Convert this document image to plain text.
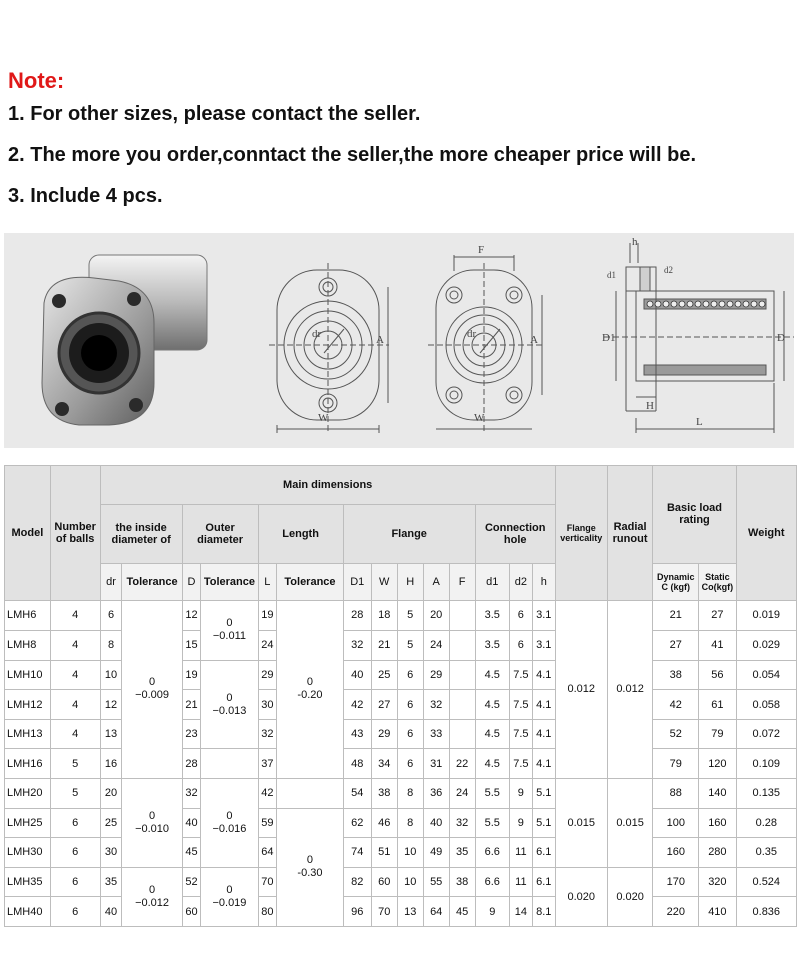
Note:
1. For other sizes, please contact the seller.
2. The more you order,conntact the seller,the more cheaper price will be.
3. Include 4 pcs.
dr	A
W
F
dr	A
W
h
d1	d2
D1	D
H
L
Model	Number of balls	Main dimensions														Flange verticality	Radial runout	Basic load rating		Weight
		the inside diameter of		Outer diameter		Length		Flange					Connection hole							
		dr	Tolerance	D	Tolerance	L	Tolerance	D1	W	H	A	F	d1	d2	h			Dynamic C (kgf)	Static Co(kgf)	
LMH6	4	6	0
−0.009	12	0
−0.011	19	0
-0.20	28	18	5	20		3.5	6	3.1	0.012	0.012	21	27	0.019
LMH8	4	8		15		24		32	21	5	24		3.5	6	3.1			27	41	0.029
LMH10	4	10		19	0
−0.013	29		40	25	6	29		4.5	7.5	4.1			38	56	0.054
LMH12	4	12		21		30		42	27	6	32		4.5	7.5	4.1			42	61	0.058
LMH13	4	13		23		32		43	29	6	33		4.5	7.5	4.1			52	79	0.072
LMH16	5	16		28		37		48	34	6	31	22	4.5	7.5	4.1			79	120	0.109
LMH20	5	20	0
−0.010	32	0
−0.016	42		54	38	8	36	24	5.5	9	5.1	0.015	0.015	88	140	0.135
LMH25	6	25		40		59	0
-0.30	62	46	8	40	32	5.5	9	5.1			100	160	0.28
LMH30	6	30		45		64		74	51	10	49	35	6.6	11	6.1			160	280	0.35
LMH35	6	35	0
−0.012	52	0
−0.019	70		82	60	10	55	38	6.6	11	6.1	0.020	0.020	170	320	0.524
LMH40	6	40		60		80		96	70	13	64	45	9	14	8.1			220	410	0.836
